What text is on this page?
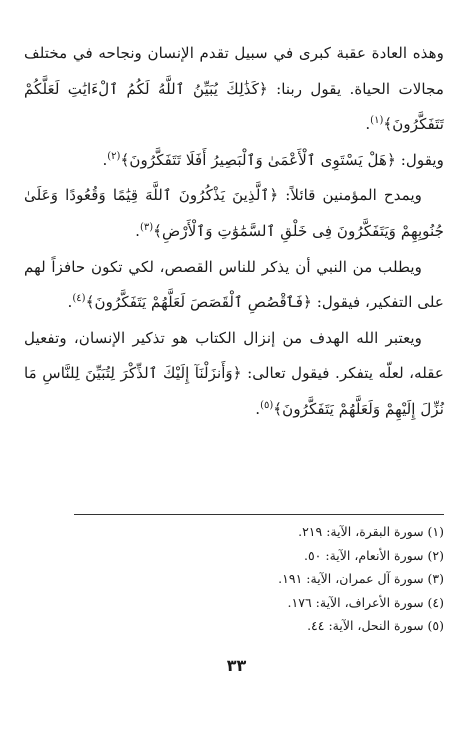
وهذه العادة عقبة كبرى في سبيل تقدم الإنسان ونجاحه في مختلف مجالات الحياة. يقول ربنا: ﴿كَذَٰلِكَ يُبَيِّنُ ٱللَّهُ لَكُمُ ٱلْءَايَٰتِ لَعَلَّكُمْ تَتَفَكَّرُونَ﴾$^{(١)}$.

ويقول: ﴿هَلْ يَسْتَوِى ٱلْأَعْمَىٰ وَٱلْبَصِيرُ أَفَلَا تَتَفَكَّرُونَ﴾$^{(٢)}$.

ويمدح المؤمنين قائلاً: ﴿ٱلَّذِينَ يَذْكُرُونَ ٱللَّهَ قِيَٰمًا وَقُعُودًا وَعَلَىٰ جُنُوبِهِمْ وَيَتَفَكَّرُونَ فِى خَلْقِ ٱلسَّمَٰوَٰتِ وَٱلْأَرْضِ﴾$^{(٣)}$.

ويطلب من النبي أن يذكر للناس القصص، لكي تكون حافزاً لهم على التفكير، فيقول: ﴿فَٱقْصُصِ ٱلْقَصَصَ لَعَلَّهُمْ يَتَفَكَّرُونَ﴾$^{(٤)}$.

ويعتبر الله الهدف من إنزال الكتاب هو تذكير الإنسان، وتفعيل عقله، لعلّه يتفكر. فيقول تعالى: ﴿وَأَنزَلْنَآ إِلَيْكَ ٱلذِّكْرَ لِتُبَيِّنَ لِلنَّاسِ مَا نُزِّلَ إِلَيْهِمْ وَلَعَلَّهُمْ يَتَفَكَّرُونَ﴾$^{(٥)}$.

(١) سورة البقرة، الآية: ٢١٩.
(٢) سورة الأنعام، الآية: ٥٠.
(٣) سورة آل عمران، الآية: ١٩١.
(٤) سورة الأعراف، الآية: ١٧٦.
(٥) سورة النحل، الآية: ٤٤.
٣٣
